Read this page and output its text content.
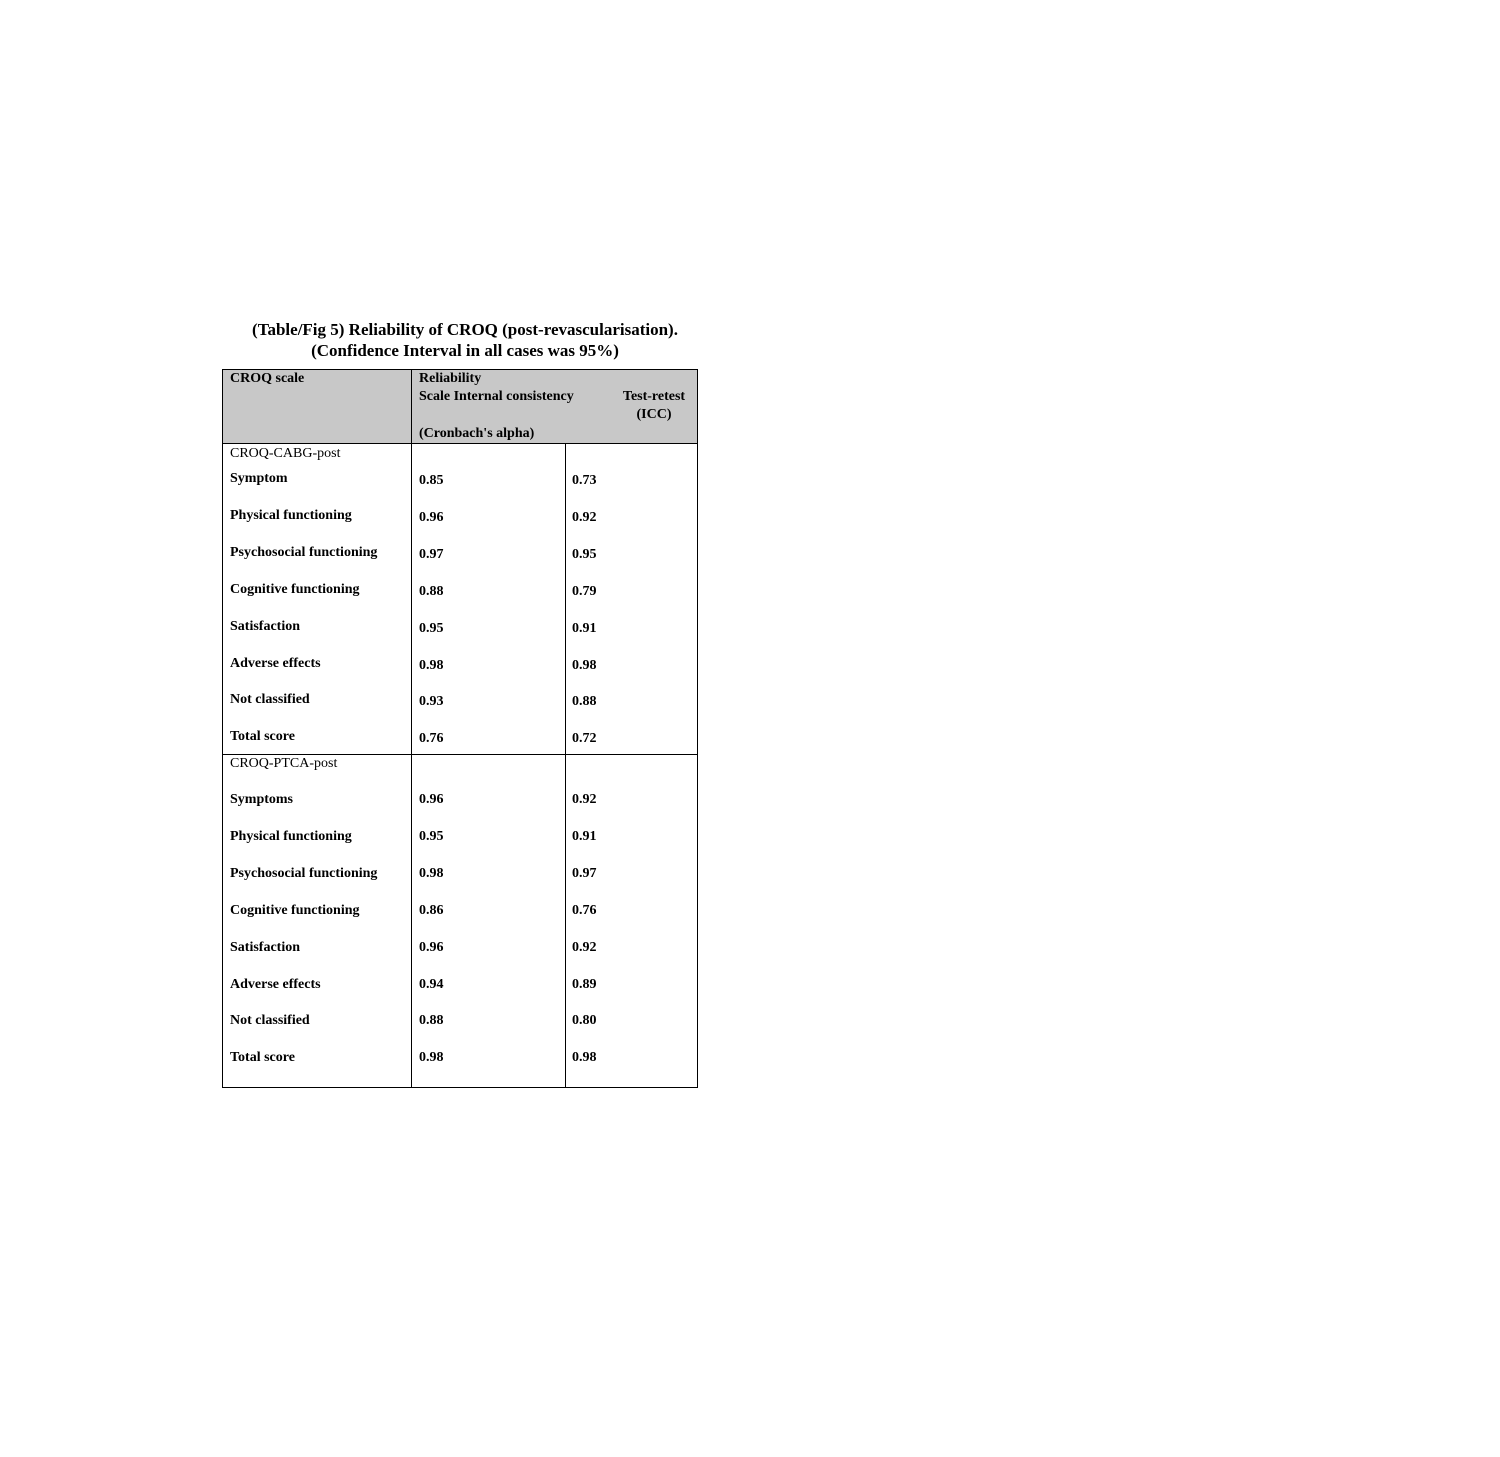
(Table/Fig 5) Reliability of CROQ (post-revascularisation).
(Confidence Interval in all cases was 95%)
CROQ scale	Reliability
Scale Internal consistency
(Cronbach's alpha)
Test-retest
(ICC)
CROQ-CABG-post
Symptom	0.85	0.73
Physical functioning	0.96	0.92
Psychosocial functioning	0.97	0.95
Cognitive functioning	0.88	0.79
Satisfaction	0.95	0.91
Adverse effects	0.98	0.98
Not classified	0.93	0.88
Total score	0.76	0.72
CROQ-PTCA-post
Symptoms	0.96	0.92
Physical functioning	0.95	0.91
Psychosocial functioning	0.98	0.97
Cognitive functioning	0.86	0.76
Satisfaction	0.96	0.92
Adverse effects	0.94	0.89
Not classified	0.88	0.80
Total score	0.98	0.98
